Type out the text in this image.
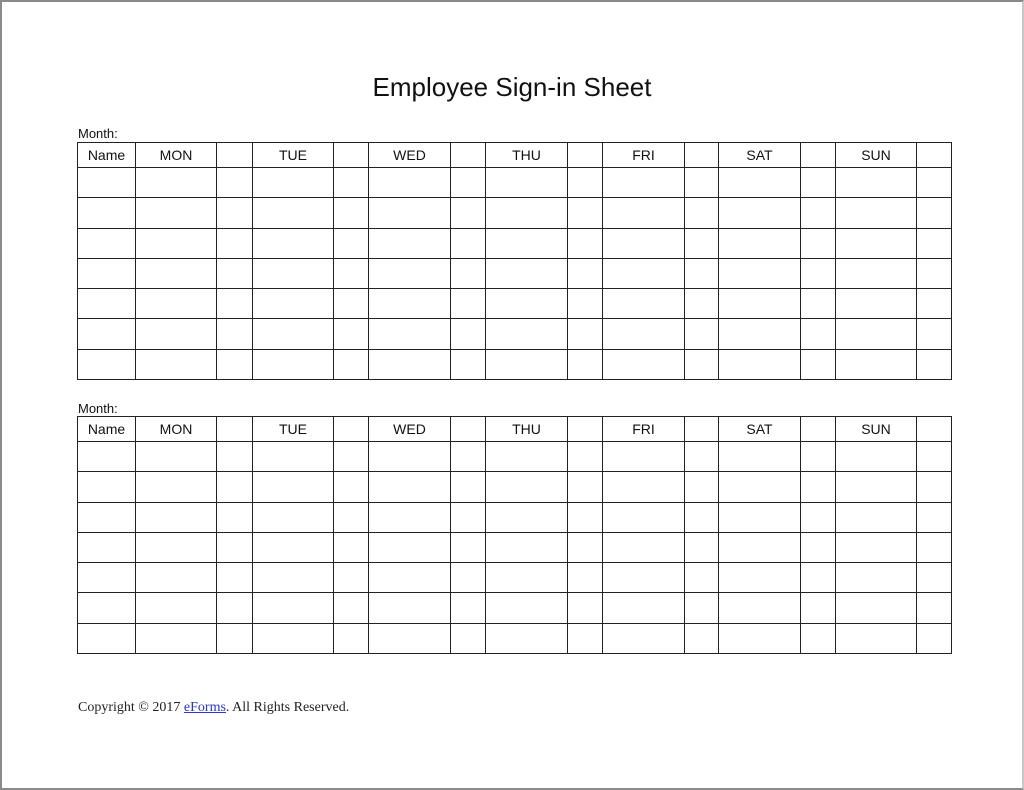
Employee Sign-in Sheet
Month:
Name	MON		TUE		WED		THU		FRI		SAT		SUN	

Month:
Name	MON		TUE		WED		THU		FRI		SAT		SUN	

Copyright © 2017 eForms. All Rights Reserved.
